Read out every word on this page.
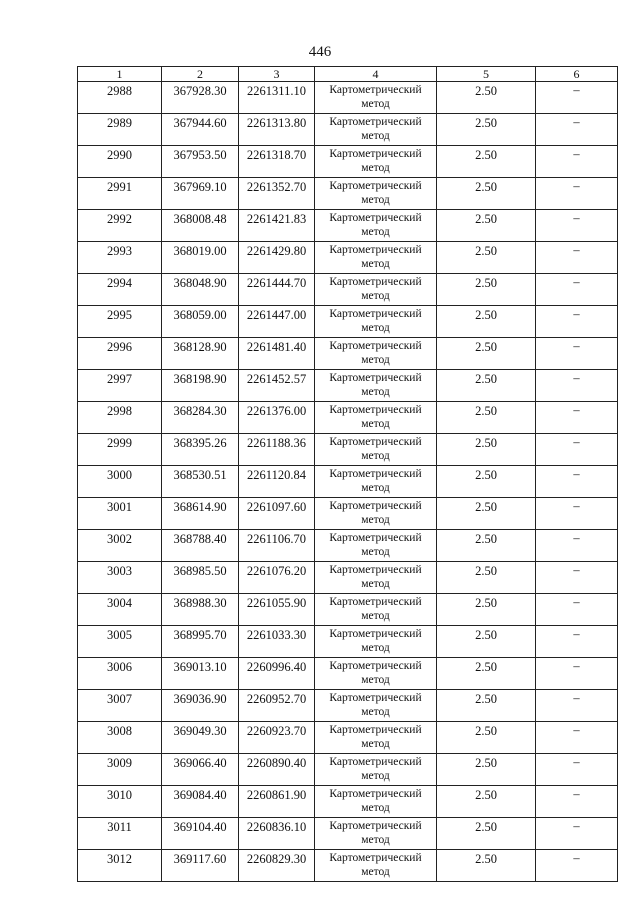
446
1	2	3	4	5	6
2988	367928.30	2261311.10	Картометрический метод	2.50	–
2989	367944.60	2261313.80	Картометрический метод	2.50	–
2990	367953.50	2261318.70	Картометрический метод	2.50	–
2991	367969.10	2261352.70	Картометрический метод	2.50	–
2992	368008.48	2261421.83	Картометрический метод	2.50	–
2993	368019.00	2261429.80	Картометрический метод	2.50	–
2994	368048.90	2261444.70	Картометрический метод	2.50	–
2995	368059.00	2261447.00	Картометрический метод	2.50	–
2996	368128.90	2261481.40	Картометрический метод	2.50	–
2997	368198.90	2261452.57	Картометрический метод	2.50	–
2998	368284.30	2261376.00	Картометрический метод	2.50	–
2999	368395.26	2261188.36	Картометрический метод	2.50	–
3000	368530.51	2261120.84	Картометрический метод	2.50	–
3001	368614.90	2261097.60	Картометрический метод	2.50	–
3002	368788.40	2261106.70	Картометрический метод	2.50	–
3003	368985.50	2261076.20	Картометрический метод	2.50	–
3004	368988.30	2261055.90	Картометрический метод	2.50	–
3005	368995.70	2261033.30	Картометрический метод	2.50	–
3006	369013.10	2260996.40	Картометрический метод	2.50	–
3007	369036.90	2260952.70	Картометрический метод	2.50	–
3008	369049.30	2260923.70	Картометрический метод	2.50	–
3009	369066.40	2260890.40	Картометрический метод	2.50	–
3010	369084.40	2260861.90	Картометрический метод	2.50	–
3011	369104.40	2260836.10	Картометрический метод	2.50	–
3012	369117.60	2260829.30	Картометрический метод	2.50	–
